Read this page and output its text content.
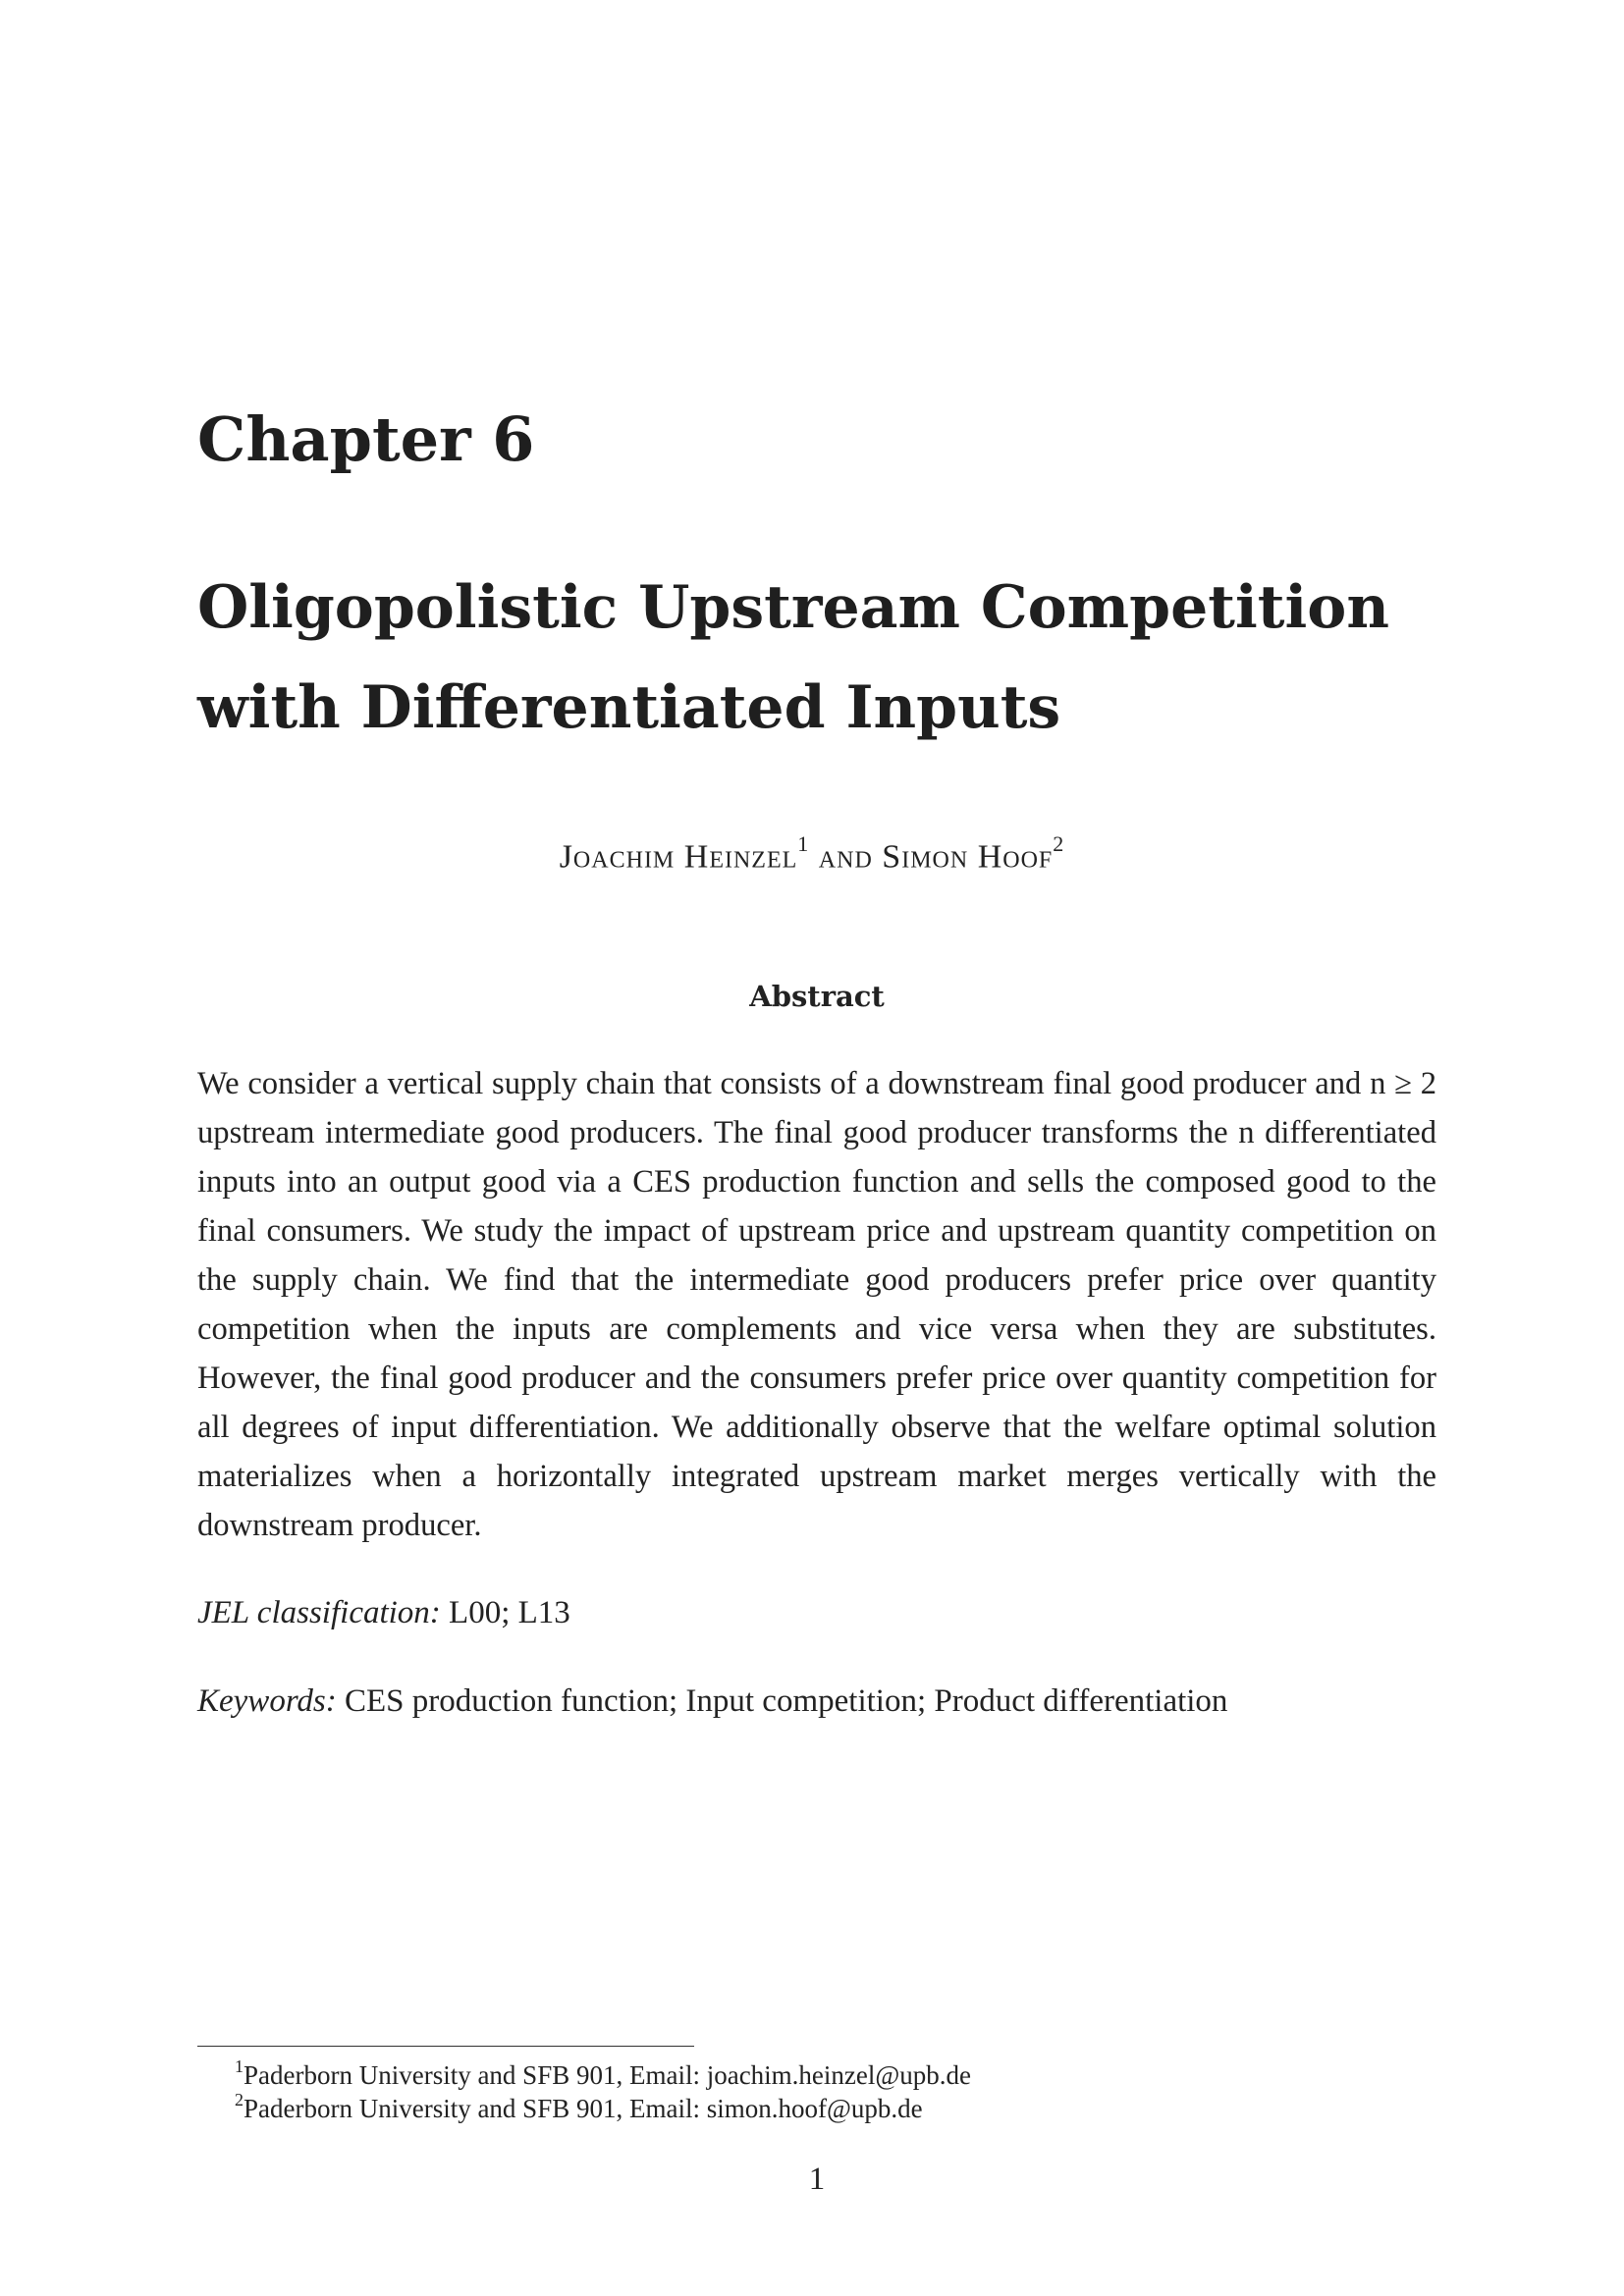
Chapter 6
Oligopolistic Upstream Competition
with Differentiated Inputs
Joachim Heinzel$^1$ and Simon Hoof$^2$
Abstract
We consider a vertical supply chain that consists of a downstream final good producer and n ≥ 2 upstream intermediate good producers. The final good producer transforms the n differentiated inputs into an output good via a CES production function and sells the composed good to the final consumers. We study the impact of upstream price and upstream quantity competition on the supply chain. We find that the intermediate good producers prefer price over quantity competition when the inputs are complements and vice versa when they are substitutes. However, the final good producer and the consumers prefer price over quantity competition for all degrees of input differentiation. We additionally observe that the welfare optimal solution materializes when a horizontally integrated upstream market merges vertically with the downstream producer.
JEL classification: L00; L13
Keywords: CES production function; Input competition; Product differentiation
$^1$Paderborn University and SFB 901, Email: joachim.heinzel@upb.de
$^2$Paderborn University and SFB 901, Email: simon.hoof@upb.de
1
